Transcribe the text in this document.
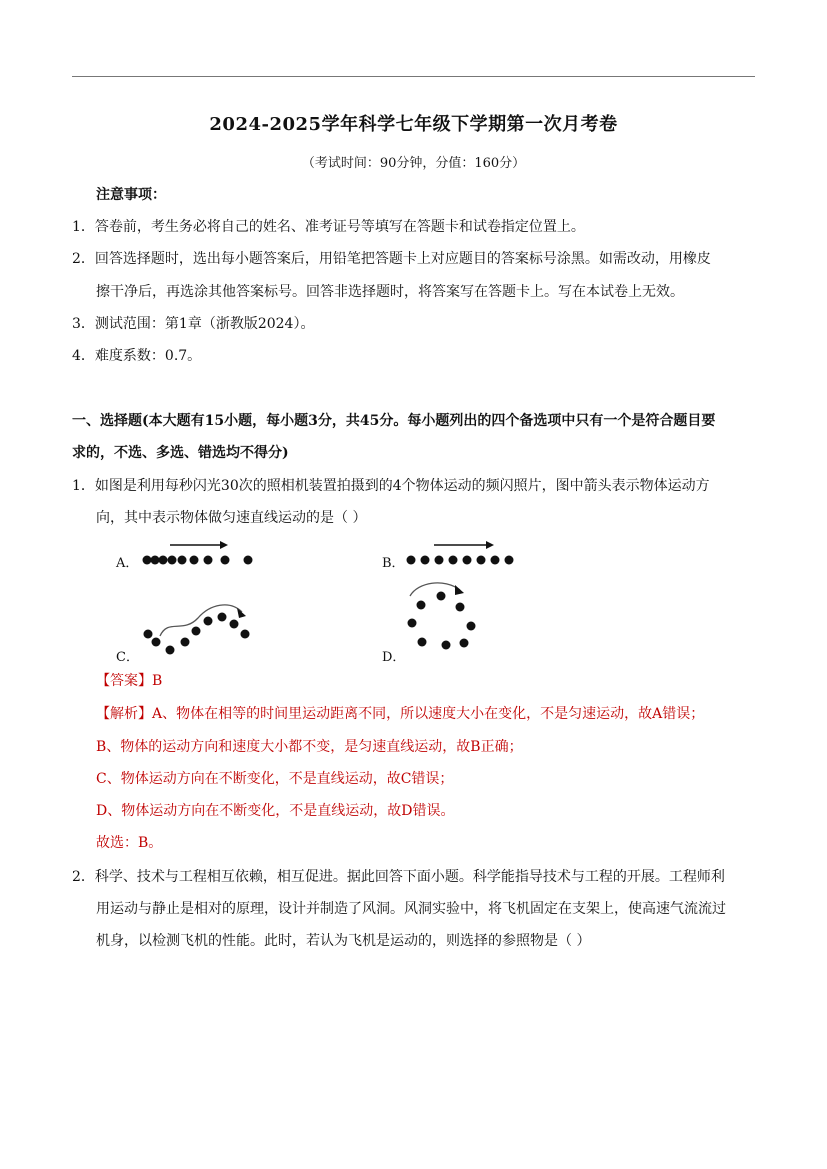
2024-2025学年科学七年级下学期第一次月考卷
（考试时间：90分钟，分值：160分）
注意事项：
1．答卷前，考生务必将自己的姓名、准考证号等填写在答题卡和试卷指定位置上。
2．回答选择题时，选出每小题答案后，用铅笔把答题卡上对应题目的答案标号涂黑。如需改动，用橡皮
擦干净后，再选涂其他答案标号。回答非选择题时，将答案写在答题卡上。写在本试卷上无效。
3．测试范围：第1章（浙教版2024）。
4．难度系数：0.7。
一、选择题(本大题有15小题，每小题3分，共45分。每小题列出的四个备选项中只有一个是符合题目要
求的，不选、多选、错选均不得分)
1．如图是利用每秒闪光30次的照相机装置拍摄到的4个物体运动的频闪照片，图中箭头表示物体运动方
向，其中表示物体做匀速直线运动的是（ ）
A．	B．
C．	D．
【答案】B
【解析】A、物体在相等的时间里运动距离不同，所以速度大小在变化，不是匀速运动，故A错误；
B、物体的运动方向和速度大小都不变，是匀速直线运动，故B正确；
C、物体运动方向在不断变化，不是直线运动，故C错误；
D、物体运动方向在不断变化，不是直线运动，故D错误。
故选：B。
2．科学、技术与工程相互依赖，相互促进。据此回答下面小题。科学能指导技术与工程的开展。工程师利
用运动与静止是相对的原理，设计并制造了风洞。风洞实验中，将飞机固定在支架上，使高速气流流过
机身，以检测飞机的性能。此时，若认为飞机是运动的，则选择的参照物是（ ）
